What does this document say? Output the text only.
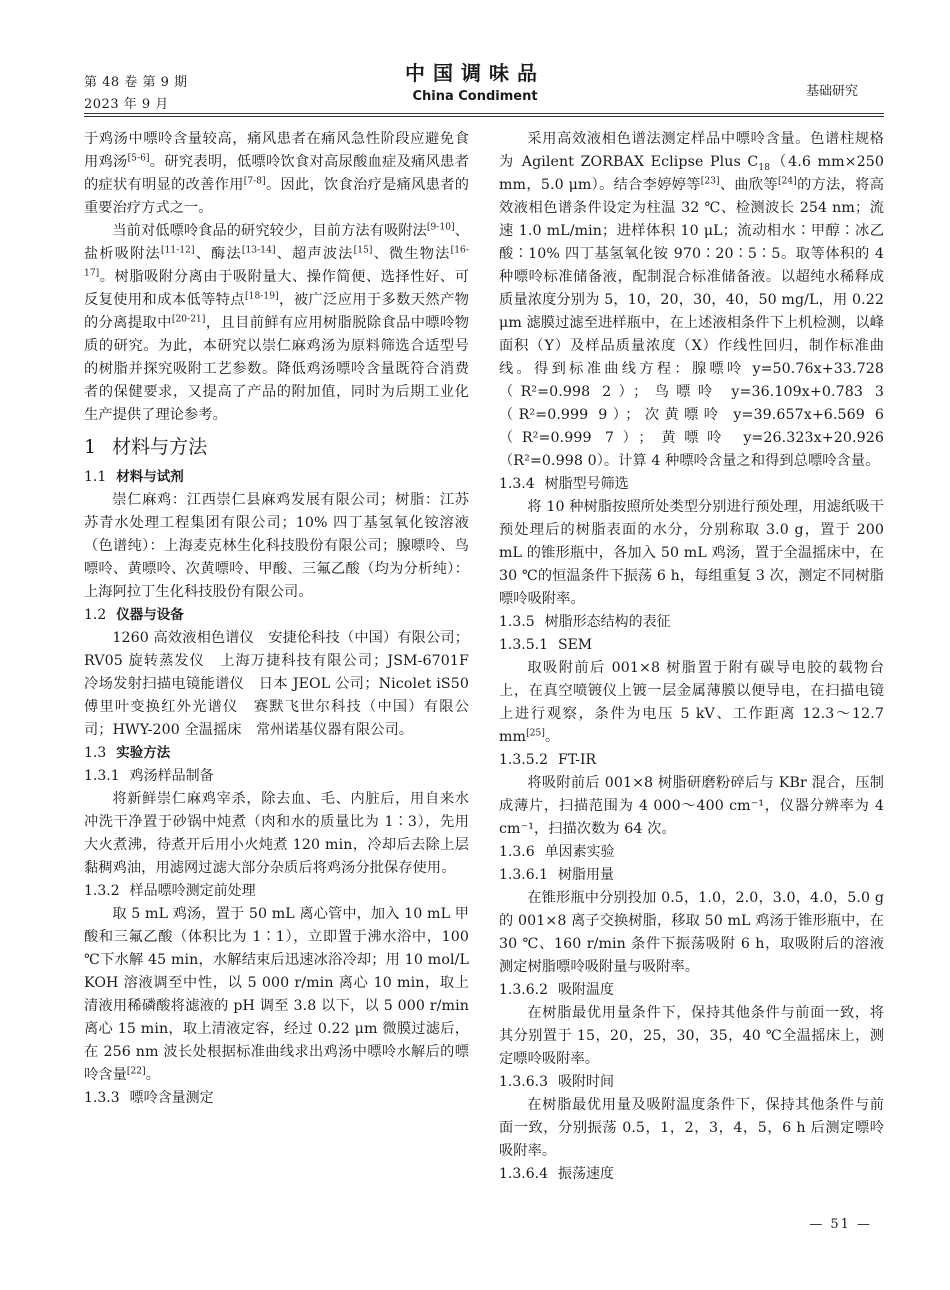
第 48 卷 第 9 期
2023 年 9 月
中国调味品
China Condiment	基础研究

于鸡汤中嘌呤含量较高，痛风患者在痛风急性阶段应避免食用鸡汤[5-6]。研究表明，低嘌呤饮食对高尿酸血症及痛风患者的症状有明显的改善作用[7-8]。因此，饮食治疗是痛风患者的重要治疗方式之一。

当前对低嘌呤食品的研究较少，目前方法有吸附法[9-10]、盐析吸附法[11-12]、酶法[13-14]、超声波法[15]、微生物法[16-17]。树脂吸附分离由于吸附量大、操作简便、选择性好、可反复使用和成本低等特点[18-19]，被广泛应用于多数天然产物的分离提取中[20-21]，且目前鲜有应用树脂脱除食品中嘌呤物质的研究。为此，本研究以崇仁麻鸡汤为原料筛选合适型号的树脂并探究吸附工艺参数。降低鸡汤嘌呤含量既符合消费者的保健要求，又提高了产品的附加值，同时为后期工业化生产提供了理论参考。

1 材料与方法
1.1 材料与试剂

崇仁麻鸡：江西崇仁县麻鸡发展有限公司；树脂：江苏苏青水处理工程集团有限公司；10% 四丁基氢氧化铵溶液（色谱纯）：上海麦克林生化科技股份有限公司；腺嘌呤、鸟嘌呤、黄嘌呤、次黄嘌呤、甲酸、三氟乙酸（均为分析纯）：上海阿拉丁生化科技股份有限公司。

1.2 仪器与设备

1260 高效液相色谱仪　安捷伦科技（中国）有限公司；RV05 旋转蒸发仪　上海万捷科技有限公司；JSM-6701F 冷场发射扫描电镜能谱仪　日本 JEOL 公司；Nicolet iS50 傅里叶变换红外光谱仪　赛默飞世尔科技（中国）有限公司；HWY-200 全温摇床　常州诺基仪器有限公司。

1.3 实验方法
1.3.1 鸡汤样品制备

将新鲜崇仁麻鸡宰杀，除去血、毛、内脏后，用自来水冲洗干净置于砂锅中炖煮（肉和水的质量比为 1∶3），先用大火煮沸，待煮开后用小火炖煮 120 min，冷却后去除上层黏稠鸡油，用滤网过滤大部分杂质后将鸡汤分批保存使用。

1.3.2 样品嘌呤测定前处理

取 5 mL 鸡汤，置于 50 mL 离心管中，加入 10 mL 甲酸和三氟乙酸（体积比为 1∶1），立即置于沸水浴中，100 ℃下水解 45 min，水解结束后迅速冰浴冷却；用 10 mol/L KOH 溶液调至中性，以 5 000 r/min 离心 10 min，取上清液用稀磷酸将滤液的 pH 调至 3.8 以下，以 5 000 r/min 离心 15 min，取上清液定容，经过 0.22 μm 微膜过滤后，在 256 nm 波长处根据标准曲线求出鸡汤中嘌呤水解后的嘌呤含量[22]。

1.3.3 嘌呤含量测定

采用高效液相色谱法测定样品中嘌呤含量。色谱柱规格为 Agilent ZORBAX Eclipse Plus $C_{18}(4.6$ mm×250 mm，5.0 μm）。结合李婷婷等[23]、曲欣等[24]的方法，将高效液相色谱条件设定为柱温 32 ℃、检测波长 254 nm；流速 1.0 mL/min；进样体积 10 μL；流动相水∶甲醇∶冰乙酸∶10% 四丁基氢氧化铵 970∶20∶5∶5。取等体积的 4 种嘌呤标准储备液，配制混合标准储备液。以超纯水稀释成质量浓度分别为 5，10，20，30，40，50 mg/L，用 0.22 μm 滤膜过滤至进样瓶中，在上述液相条件下上机检测，以峰面积（Y）及样品质量浓度（X）作线性回归，制作标准曲线。得到标准曲线方程：腺嘌呤 y=50.76x+33.728（R²=0.998 2）；鸟嘌呤 y=36.109x+0.783 3（R²=0.999 9）；次黄嘌呤 y=39.657x+6.569 6（R²=0.999 7）；黄嘌呤 y=26.323x+20.926（R²=0.998 0）。计算 4 种嘌呤含量之和得到总嘌呤含量。

1.3.4 树脂型号筛选

将 10 种树脂按照所处类型分别进行预处理，用滤纸吸干预处理后的树脂表面的水分，分别称取 3.0 g，置于 200 mL 的锥形瓶中，各加入 50 mL 鸡汤，置于全温摇床中，在 30 ℃的恒温条件下振荡 6 h，每组重复 3 次，测定不同树脂嘌呤吸附率。

1.3.5 树脂形态结构的表征
1.3.5.1 SEM

取吸附前后 001×8 树脂置于附有碳导电胶的载物台上，在真空喷镀仪上镀一层金属薄膜以便导电，在扫描电镜上进行观察，条件为电压 5 kV、工作距离 12.3～12.7 mm[25]。

1.3.5.2 FT-IR

将吸附前后 001×8 树脂研磨粉碎后与 KBr 混合，压制成薄片，扫描范围为 4 000～400 cm⁻¹，仪器分辨率为 4 cm⁻¹，扫描次数为 64 次。

1.3.6 单因素实验
1.3.6.1 树脂用量

在锥形瓶中分别投加 0.5，1.0，2.0，3.0，4.0，5.0 g 的 001×8 离子交换树脂，移取 50 mL 鸡汤于锥形瓶中，在 30 ℃、160 r/min 条件下振荡吸附 6 h，取吸附后的溶液测定树脂嘌呤吸附量与吸附率。

1.3.6.2 吸附温度

在树脂最优用量条件下，保持其他条件与前面一致，将其分别置于 15，20，25，30，35，40 ℃全温摇床上，测定嘌呤吸附率。

1.3.6.3 吸附时间

在树脂最优用量及吸附温度条件下，保持其他条件与前面一致，分别振荡 0.5，1，2，3，4，5，6 h 后测定嘌呤吸附率。

1.3.6.4 振荡速度
— 51 —
